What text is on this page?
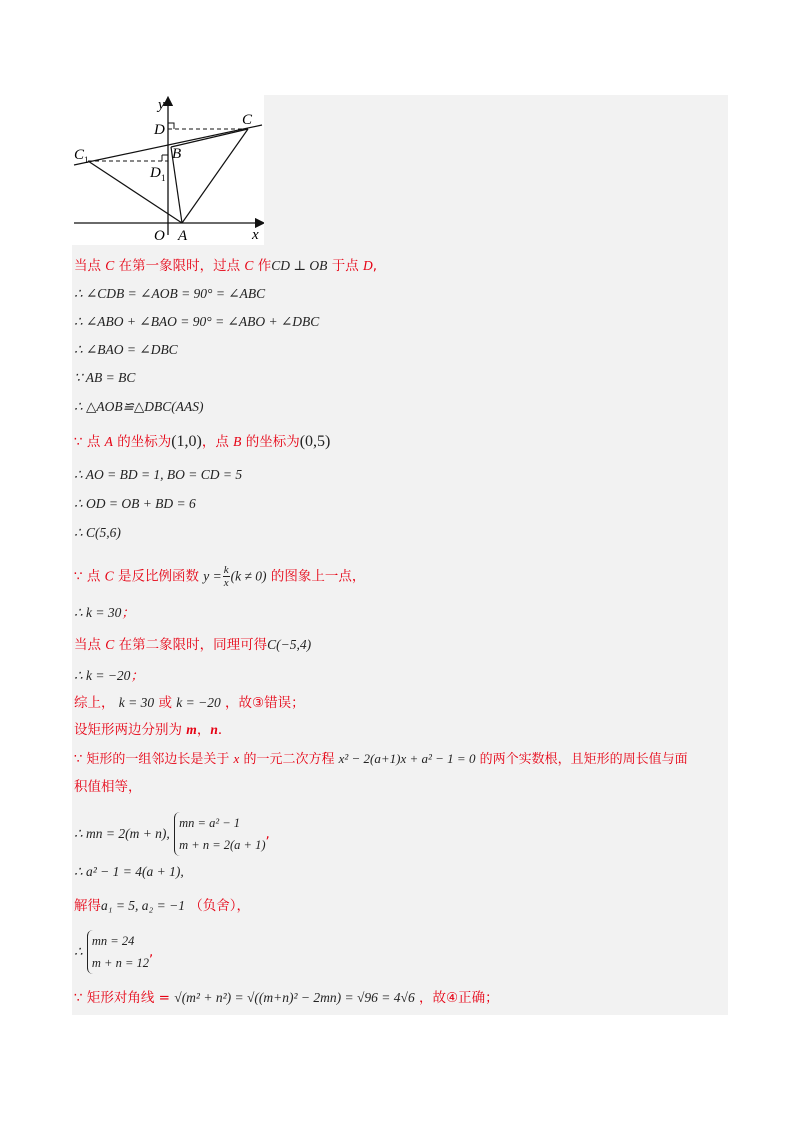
y
x
O A
B
C
D
C 1
D 1
当点 C 在第一象限时，过点 C 作CD ⊥ OB 于点 D,
∴ ∠CDB = ∠AOB = 90° = ∠ABC
∴ ∠ABO + ∠BAO = 90° = ∠ABO + ∠DBC
∴ ∠BAO = ∠DBC
∵ AB = BC
∴ △AOB≌△DBC(AAS)
∵ 点 A 的坐标为(1,0)，点 B 的坐标为(0,5)
∴ AO = BD = 1, BO = CD = 5
∴ OD = OB + BD = 6
∴ C(5,6)
∵ 点 C 是反比例函数 $y = \frac{k}{x} (k \ne 0)$ 的图象上一点，
∴ k = 30；
当点 C 在第二象限时，同理可得C(−5,4)
∴ k = −20；
综上， k = 30 或 k = −20 ，故③错误；
设矩形两边分别为 m，n．
∵ 矩形的一组邻边长是关于 x 的一元二次方程 x² − 2(a+1)x + a² − 1 = 0 的两个实数根，且矩形的周长值与面
积值相等，
∴ mn = 2(m + n),
mn = a² − 1
m + n = 2(a + 1)
,
∴ a² − 1 = 4(a + 1),
解得a₁ = 5, a₂ = −1 （负舍），
∴
mn = 24
m + n = 12
,
∵ 矩形对角线 = √(m² + n²) = √((m+n)² − 2mn) = √96 = 4√6 ，故④正确；
